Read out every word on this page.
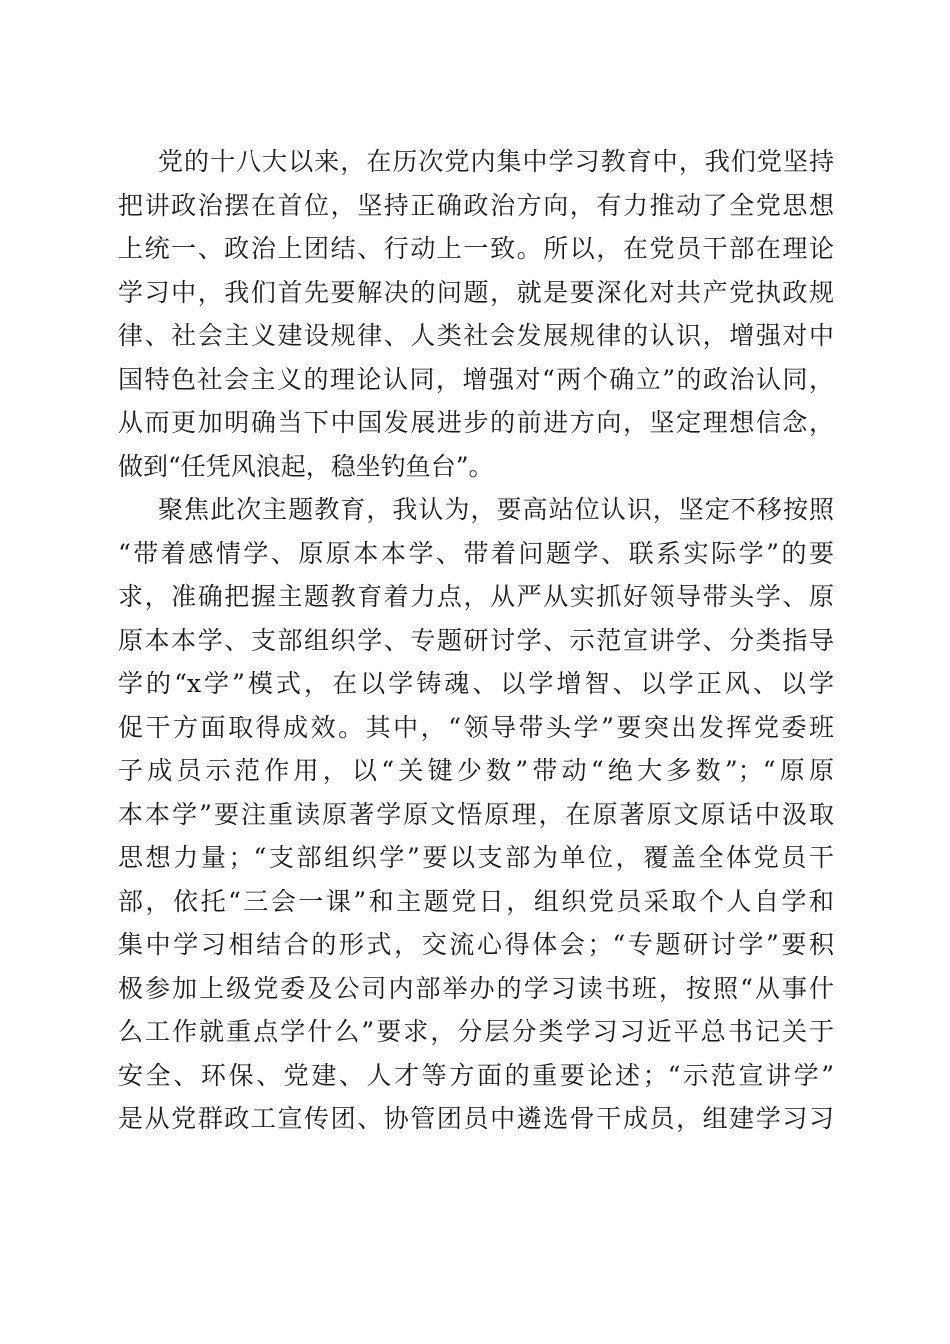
党的十八大以来，在历次党内集中学习教育中，我们党坚持
把讲政治摆在首位，坚持正确政治方向，有力推动了全党思想
上统一、政治上团结、行动上一致。所以，在党员干部在理论
学习中，我们首先要解决的问题，就是要深化对共产党执政规
律、社会主义建设规律、人类社会发展规律的认识，增强对中
国特色社会主义的理论认同，增强对“两个确立”的政治认同，
从而更加明确当下中国发展进步的前进方向，坚定理想信念，
做到“任凭风浪起，稳坐钓鱼台”。
聚焦此次主题教育，我认为，要高站位认识，坚定不移按照
“带着感情学、原原本本学、带着问题学、联系实际学”的要
求，准确把握主题教育着力点，从严从实抓好领导带头学、原
原本本学、支部组织学、专题研讨学、示范宣讲学、分类指导
学的“x学”模式，在以学铸魂、以学增智、以学正风、以学
促干方面取得成效。其中，“领导带头学”要突出发挥党委班
子成员示范作用，以“关键少数”带动“绝大多数”；“原原
本本学”要注重读原著学原文悟原理，在原著原文原话中汲取
思想力量；“支部组织学”要以支部为单位，覆盖全体党员干
部，依托“三会一课”和主题党日，组织党员采取个人自学和
集中学习相结合的形式，交流心得体会；“专题研讨学”要积
极参加上级党委及公司内部举办的学习读书班，按照“从事什
么工作就重点学什么”要求，分层分类学习习近平总书记关于
安全、环保、党建、人才等方面的重要论述；“示范宣讲学”
是从党群政工宣传团、协管团员中遴选骨干成员，组建学习习
